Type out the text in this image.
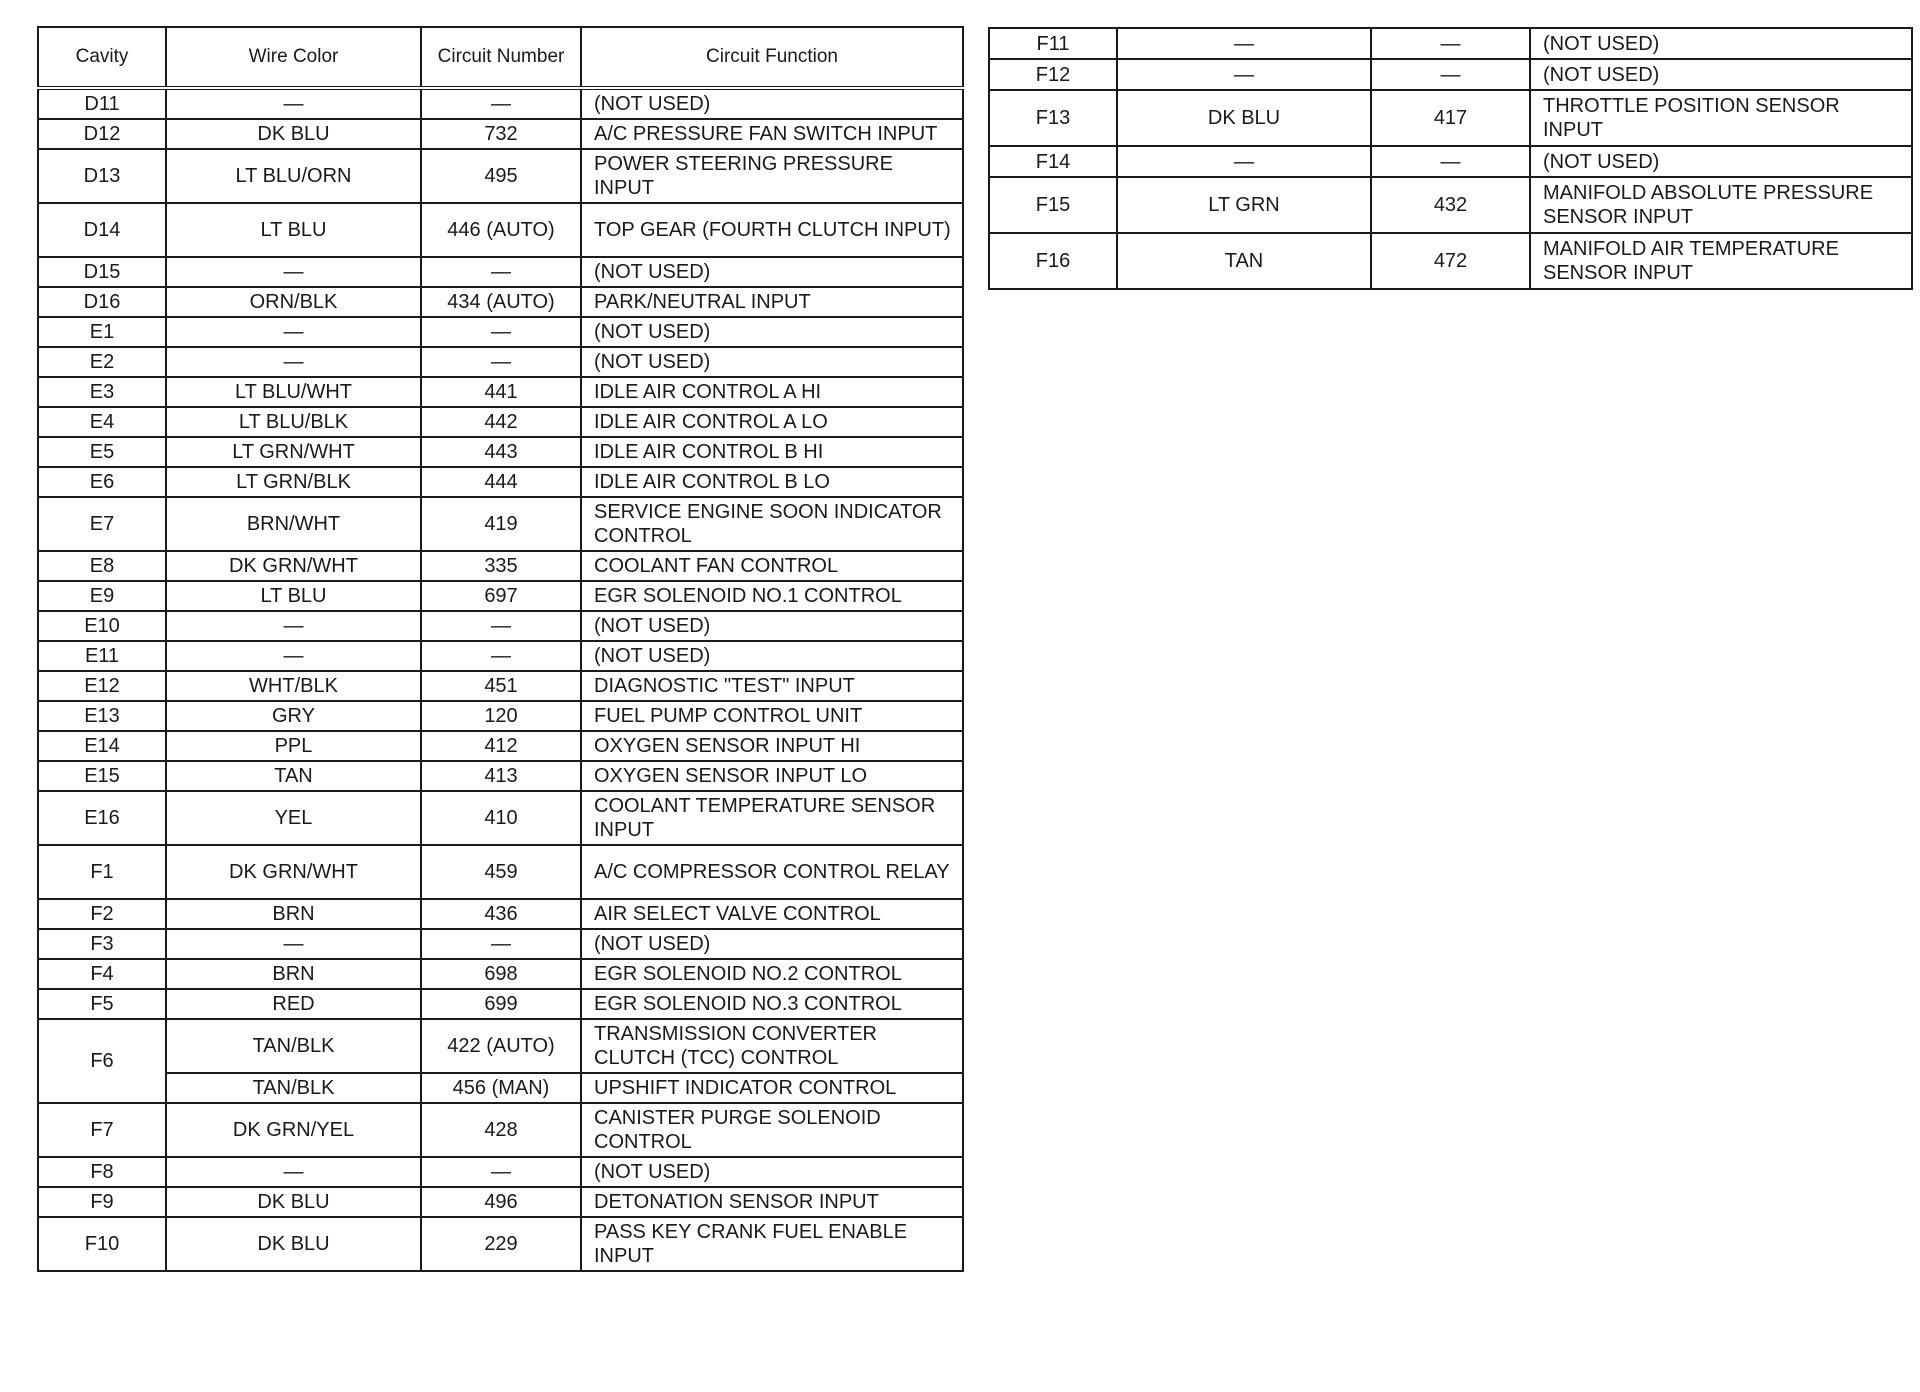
Cavity	Wire Color	Circuit Number	Circuit Function
D11	—	—	(NOT USED)
D12	DK BLU	732	A/C PRESSURE FAN SWITCH INPUT
D13	LT BLU/ORN	495	POWER STEERING PRESSURE INPUT
D14	LT BLU	446 (AUTO)	TOP GEAR (FOURTH CLUTCH INPUT)
D15	—	—	(NOT USED)
D16	ORN/BLK	434 (AUTO)	PARK/NEUTRAL INPUT
E1	—	—	(NOT USED)
E2	—	—	(NOT USED)
E3	LT BLU/WHT	441	IDLE AIR CONTROL A HI
E4	LT BLU/BLK	442	IDLE AIR CONTROL A LO
E5	LT GRN/WHT	443	IDLE AIR CONTROL B HI
E6	LT GRN/BLK	444	IDLE AIR CONTROL B LO
E7	BRN/WHT	419	SERVICE ENGINE SOON INDICATOR CONTROL
E8	DK GRN/WHT	335	COOLANT FAN CONTROL
E9	LT BLU	697	EGR SOLENOID NO.1 CONTROL
E10	—	—	(NOT USED)
E11	—	—	(NOT USED)
E12	WHT/BLK	451	DIAGNOSTIC "TEST" INPUT
E13	GRY	120	FUEL PUMP CONTROL UNIT
E14	PPL	412	OXYGEN SENSOR INPUT HI
E15	TAN	413	OXYGEN SENSOR INPUT LO
E16	YEL	410	COOLANT TEMPERATURE SENSOR INPUT
F1	DK GRN/WHT	459	A/C COMPRESSOR CONTROL RELAY
F2	BRN	436	AIR SELECT VALVE CONTROL
F3	—	—	(NOT USED)
F4	BRN	698	EGR SOLENOID NO.2 CONTROL
F5	RED	699	EGR SOLENOID NO.3 CONTROL
F6	TAN/BLK	422 (AUTO)	TRANSMISSION CONVERTER CLUTCH (TCC) CONTROL
	TAN/BLK	456 (MAN)	UPSHIFT INDICATOR CONTROL
F7	DK GRN/YEL	428	CANISTER PURGE SOLENOID CONTROL
F8	—	—	(NOT USED)
F9	DK BLU	496	DETONATION SENSOR INPUT
F10	DK BLU	229	PASS KEY CRANK FUEL ENABLE INPUT
F11	—	—	(NOT USED)
F12	—	—	(NOT USED)
F13	DK BLU	417	THROTTLE POSITION SENSOR INPUT
F14	—	—	(NOT USED)
F15	LT GRN	432	MANIFOLD ABSOLUTE PRESSURE SENSOR INPUT
F16	TAN	472	MANIFOLD AIR TEMPERATURE SENSOR INPUT
